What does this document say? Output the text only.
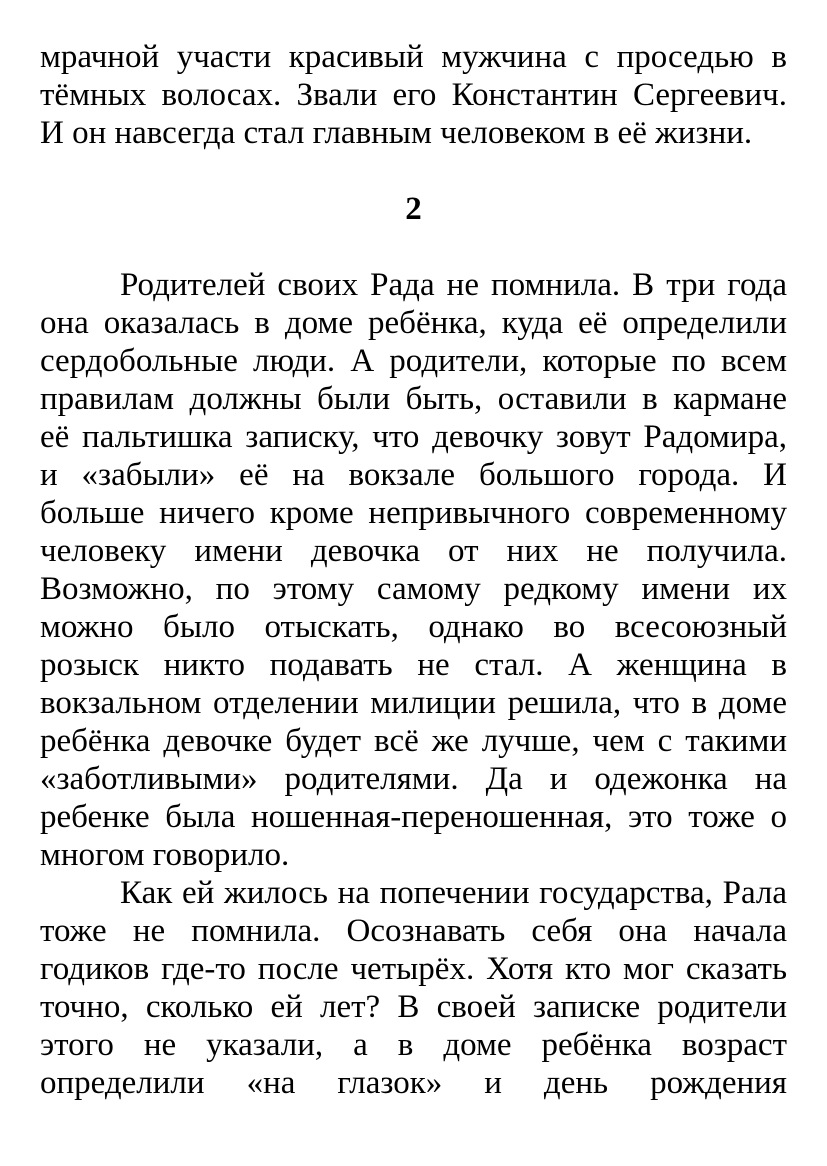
мрачной участи красивый мужчина с проседью в
тёмных волосах. Звали его Константин Сергеевич.
И он навсегда стал главным человеком в её жизни.
2
Родителей своих Рада не помнила. В три года
она оказалась в доме ребёнка, куда её определили
сердобольные люди. А родители, которые по всем
правилам должны были быть, оставили в кармане
её пальтишка записку, что девочку зовут Радомира,
и «забыли» её на вокзале большого города. И
больше ничего кроме непривычного современному
человеку имени девочка от них не получила.
Возможно, по этому самому редкому имени их
можно было отыскать, однако во всесоюзный
розыск никто подавать не стал. А женщина в
вокзальном отделении милиции решила, что в доме
ребёнка девочке будет всё же лучше, чем с такими
«заботливыми» родителями. Да и одежонка на
ребенке была ношенная-переношенная, это тоже о
многом говорило.
Как ей жилось на попечении государства, Рала
тоже не помнила. Осознавать себя она начала
годиков где-то после четырёх. Хотя кто мог сказать
точно, сколько ей лет? В своей записке родители
этого не указали, а в доме ребёнка возраст
определили «на глазок» и день рождения
